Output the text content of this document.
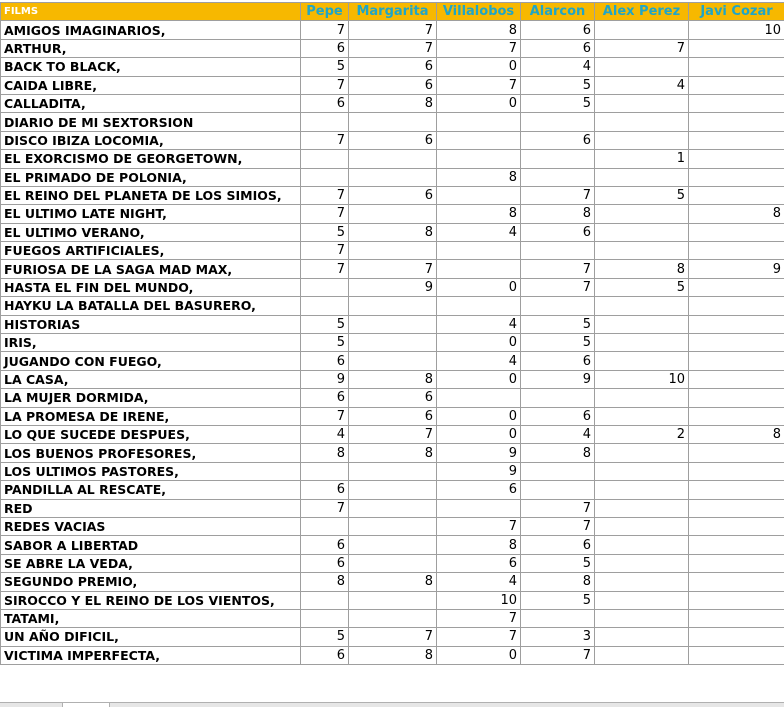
FILMS	Pepe	Margarita	Villalobos	Alarcon	Alex Perez	Javi Cozar
AMIGOS IMAGINARIOS,	7	7	8	6		10
ARTHUR,	6	7	7	6	7	
BACK TO BLACK,	5	6	0	4		
CAIDA LIBRE,	7	6	7	5	4	
CALLADITA,	6	8	0	5		
DIARIO DE MI SEXTORSION						
DISCO IBIZA LOCOMIA,	7	6		6		
EL EXORCISMO DE GEORGETOWN,					1	
EL PRIMADO DE POLONIA,			8			
EL REINO DEL PLANETA DE LOS SIMIOS,	7	6		7	5	
EL ULTIMO LATE NIGHT,	7		8	8		8
EL ULTIMO VERANO,	5	8	4	6		
FUEGOS ARTIFICIALES,	7					
FURIOSA DE LA SAGA MAD MAX,	7	7		7	8	9
HASTA EL FIN DEL MUNDO,		9	0	7	5	
HAYKU LA BATALLA DEL BASURERO,						
HISTORIAS	5		4	5		
IRIS,	5		0	5		
JUGANDO CON FUEGO,	6		4	6		
LA CASA,	9	8	0	9	10	
LA MUJER DORMIDA,	6	6				
LA PROMESA DE IRENE,	7	6	0	6		
LO QUE SUCEDE DESPUES,	4	7	0	4	2	8
LOS BUENOS PROFESORES,	8	8	9	8		
LOS ULTIMOS PASTORES,			9			
PANDILLA AL RESCATE,	6		6			
RED	7			7		
REDES VACIAS			7	7		
SABOR A LIBERTAD	6		8	6		
SE ABRE LA VEDA,	6		6	5		
SEGUNDO PREMIO,	8	8	4	8		
SIROCCO Y EL REINO DE LOS VIENTOS,			10	5		
TATAMI,			7			
UN AÑO DIFICIL,	5	7	7	3		
VICTIMA IMPERFECTA,	6	8	0	7		
